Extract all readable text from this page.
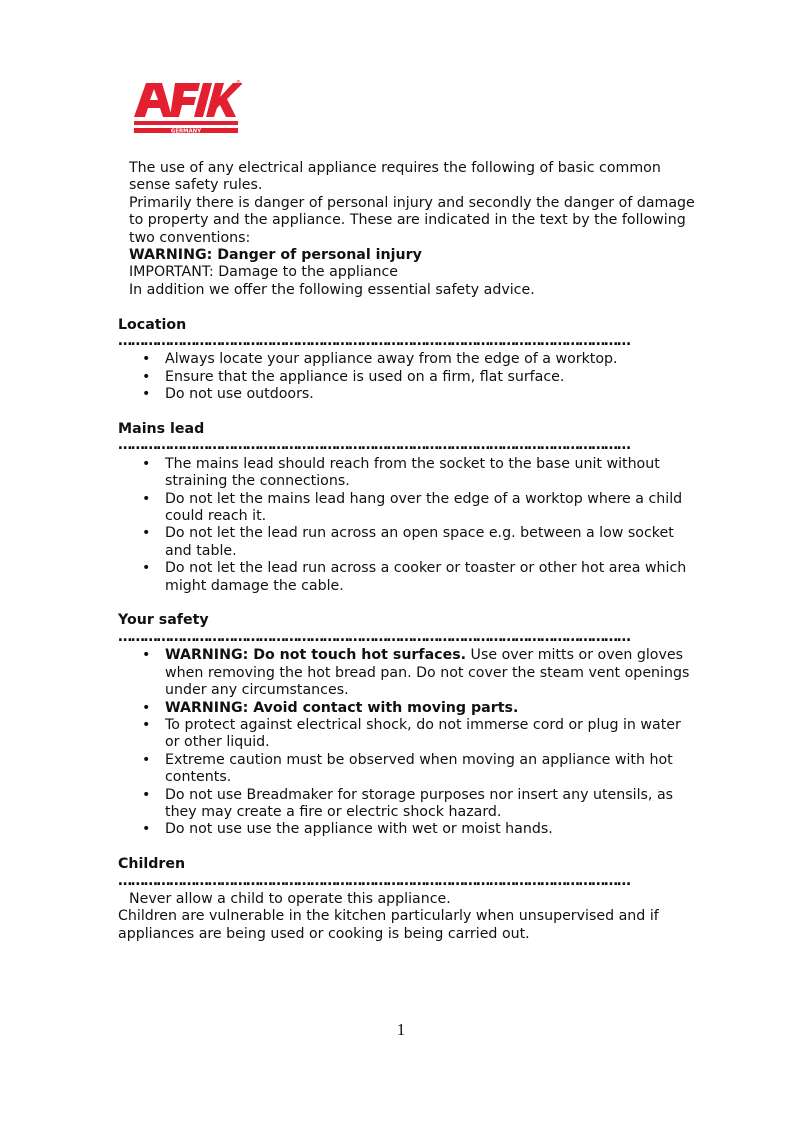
GERMANY
®

The use of any electrical appliance requires the following of basic common sense safety rules.

Primarily there is danger of personal injury and secondly the danger of damage to property and the appliance. These are indicated in the text by the following two conventions:

WARNING: Danger of personal injury

IMPORTANT: Damage to the appliance

In addition we offer the following essential safety advice.

Location

…………………………………………………………………………………………………………
• Always locate your appliance away from the edge of a worktop.
• Ensure that the appliance is used on a firm, flat surface.
• Do not use outdoors.

Mains lead

…………………………………………………………………………………………………………
• The mains lead should reach from the socket to the base unit without straining the connections.
• Do not let the mains lead hang over the edge of a worktop where a child could reach it.
• Do not let the lead run across an open space e.g. between a low socket and table.
• Do not let the lead run across a cooker or toaster or other hot area which might damage the cable.

Your safety

…………………………………………………………………………………………………………
• WARNING: Do not touch hot surfaces. Use over mitts or oven gloves when removing the hot bread pan. Do not cover the steam vent openings under any circumstances.
• WARNING: Avoid contact with moving parts.
• To protect against electrical shock, do not immerse cord or plug in water or other liquid.
• Extreme caution must be observed when moving an appliance with hot contents.
• Do not use Breadmaker for storage purposes nor insert any utensils, as they may create a fire or electric shock hazard.
• Do not use use the appliance with wet or moist hands.

Children

…………………………………………………………………………………………………………

Never allow a child to operate this appliance.

Children are vulnerable in the kitchen particularly when unsupervised and if appliances are being used or cooking is being carried out.

1
